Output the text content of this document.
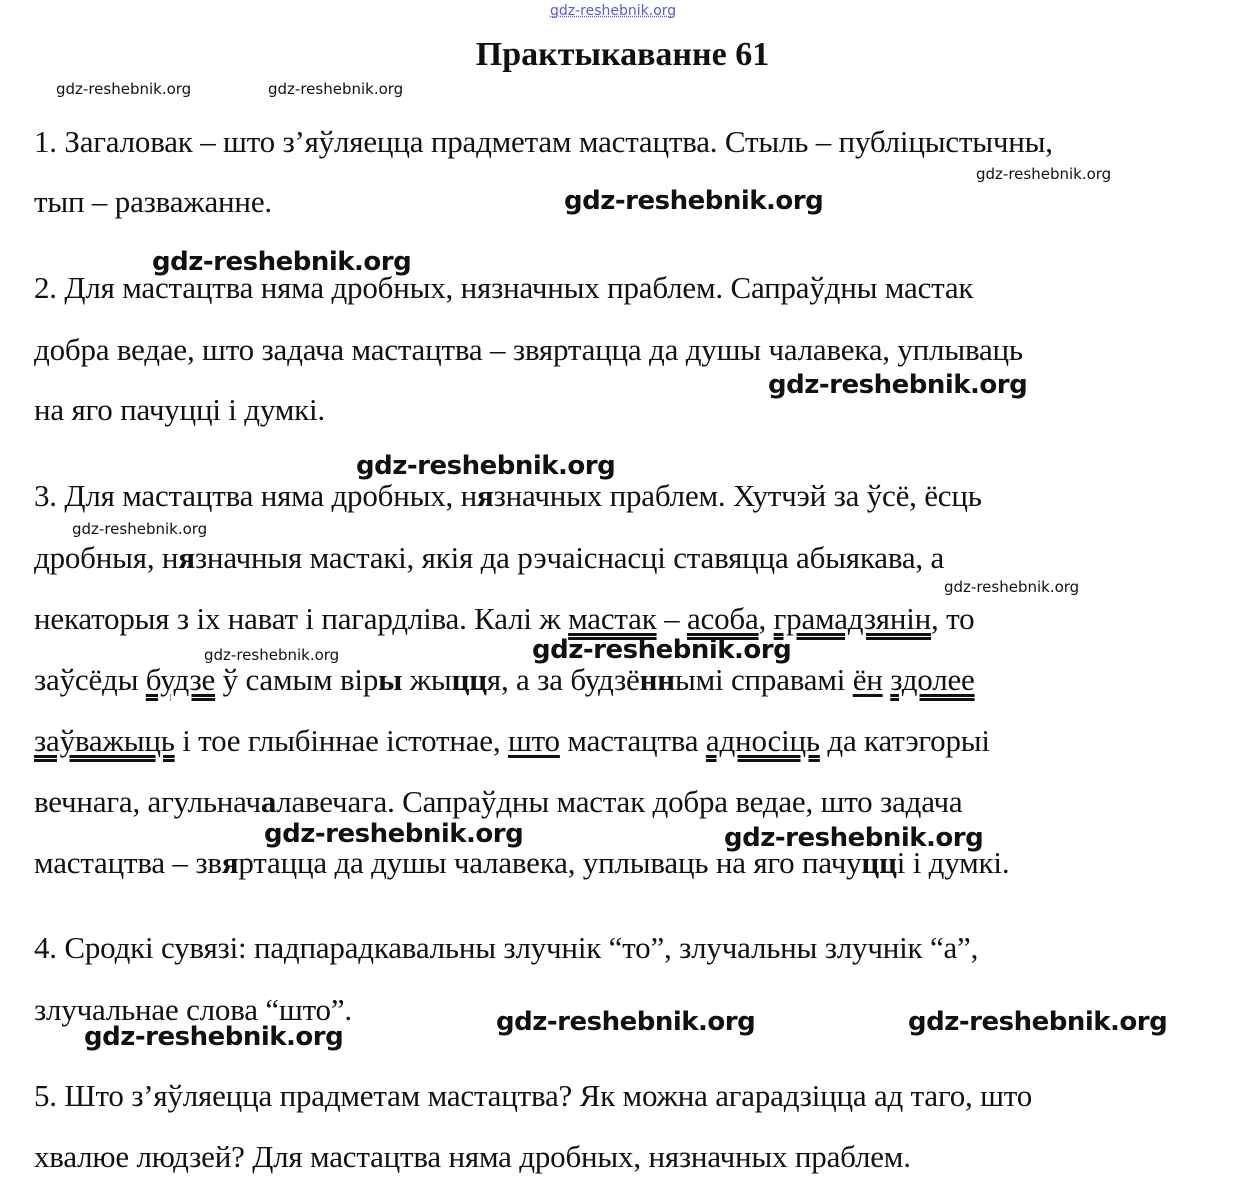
gdz-reshebnik.org
Практыкаванне 61
1. Загаловак – што з’яўляецца прадметам мастацтва. Стыль – публіцыстычны,
тып – разважанне.
2. Для мастацтва няма дробных, нязначных праблем. Сапраўдны мастак
добра ведае, што задача мастацтва – звяртацца да душы чалавека, уплываць
на яго пачуцці і думкі.
3. Для мастацтва няма дробных, нязначных праблем. Хутчэй за ўсё, ёсць
дробныя, нязначныя мастакі, якія да рэчаіснасці ставяцца абыякава, а
некаторыя з іх нават і пагардліва. Калі ж мастак – асоба, грамадзянін, то
заўсёды будзе ў самым віры жыцця, а за будзённымі справамі ён здолее
заўважыць і тое глыбіннае істотнае, што мастацтва адносіць да катэгорыі
вечнага, агульначалавечага. Сапраўдны мастак добра ведае, што задача
мастацтва – звяртацца да душы чалавека, уплываць на яго пачуцці і думкі.
4. Сродкі сувязі: падпарадкавальны злучнік “то”, злучальны злучнік “а”,
злучальнае слова “што”.
5. Што з’яўляецца прадметам мастацтва? Як можна агарадзіцца ад таго, што
хвалюе людзей? Для мастацтва няма дробных, нязначных праблем.
gdz-reshebnik.org	gdz-reshebnik.org
gdz-reshebnik.org
gdz-reshebnik.org
gdz-reshebnik.org
gdz-reshebnik.org
gdz-reshebnik.org
gdz-reshebnik.org
gdz-reshebnik.org
gdz-reshebnik.org	gdz-reshebnik.org
gdz-reshebnik.org	gdz-reshebnik.org
gdz-reshebnik.org	gdz-reshebnik.org	gdz-reshebnik.org
